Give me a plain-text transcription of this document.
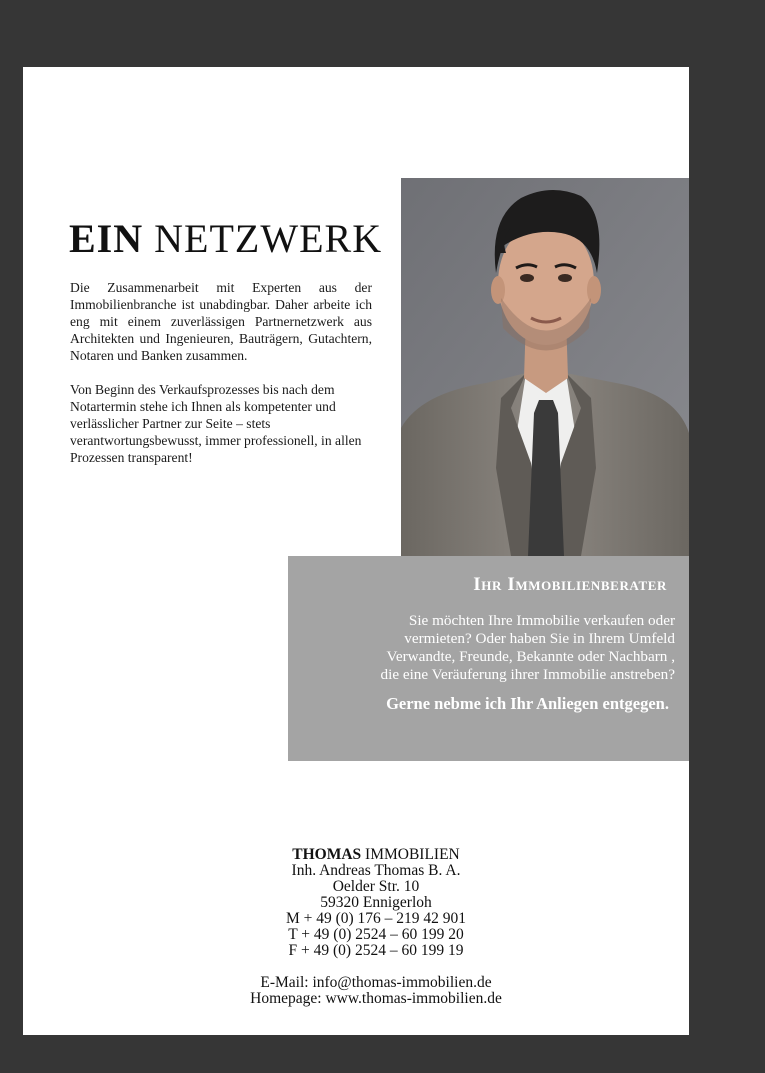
EIN NETZWERK

Die Zusammenarbeit mit Experten aus der Immobilienbranche ist unabdingbar. Daher arbeite ich eng mit einem zuverlässigen Partnernetzwerk aus Architekten und Ingenieuren, Bauträgern, Gutachtern, Notaren und Banken zusammen.

Von Beginn des Verkaufsprozesses bis nach dem Notartermin stehe ich Ihnen als kompetenter und verlässlicher Partner zur Seite – stets verantwortungsbewusst, immer professionell, in allen Prozessen transparent!

Ihr Immobilienberater
Sie möchten Ihre Immobilie verkaufen oder
vermieten? Oder haben Sie in Ihrem Umfeld
Verwandte, Freunde, Bekannte oder Nachbarn ,
die eine Veräuferung ihrer Immobilie anstreben?
Gerne nebme ich Ihr Anliegen entgegen.
THOMAS IMMOBILIEN
Inh. Andreas Thomas B. A.
Oelder Str. 10
59320 Ennigerloh
M + 49 (0) 176 – 219 42 901
T + 49 (0) 2524 – 60 199 20
F + 49 (0) 2524 – 60 199 19
E-Mail: info@thomas-immobilien.de
Homepage: www.thomas-immobilien.de
